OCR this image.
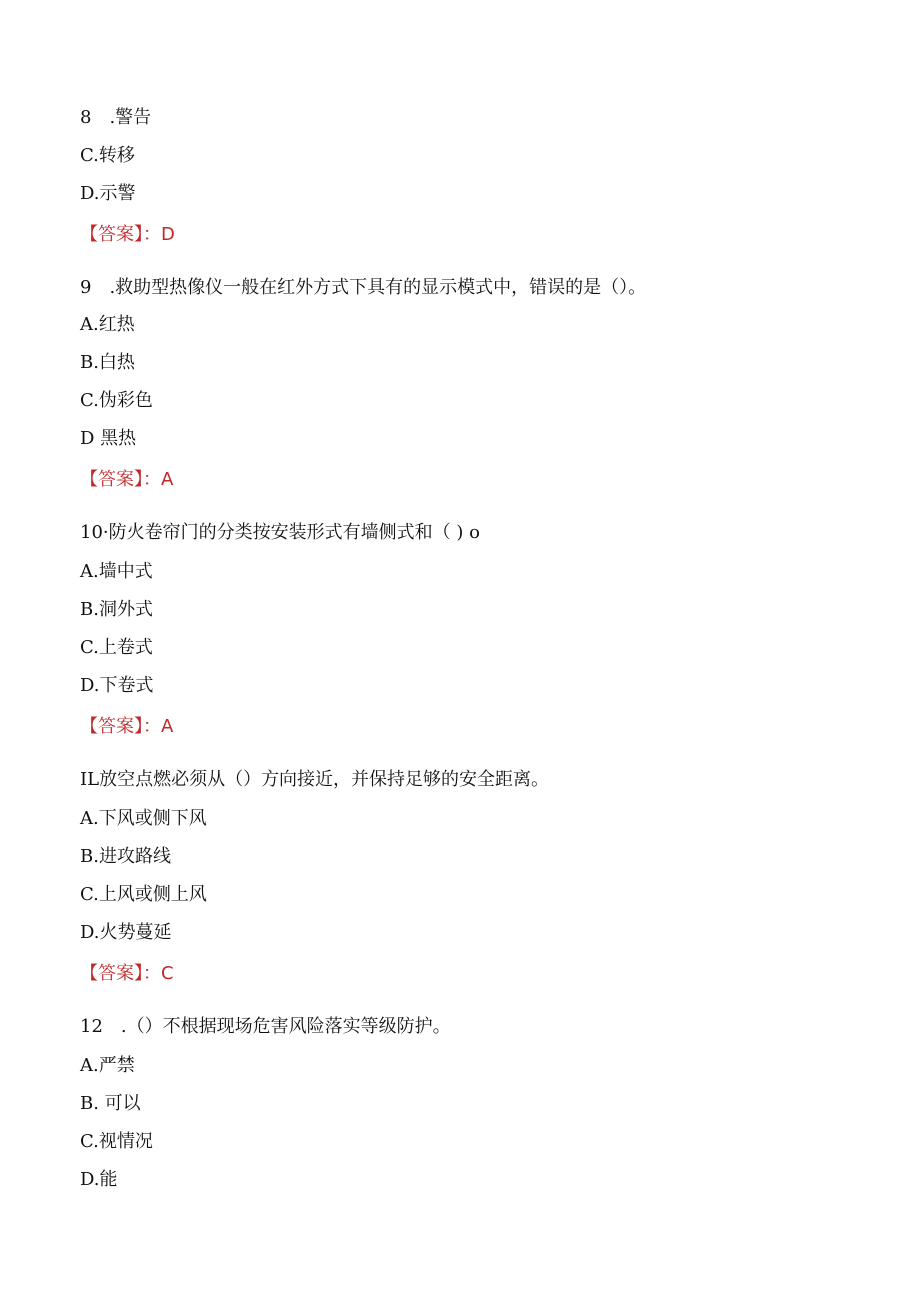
8　.警告
C.转移
D.示警
【答案】：D
9　.救助型热像仪一般在红外方式下具有的显示模式中，错误的是（）。
A.红热
B.白热
C.伪彩色
D 黑热
【答案】：A
10·防火卷帘门的分类按安装形式有墙侧式和（ ) o
A.墙中式
B.洞外式
C.上卷式
D.下卷式
【答案】：A
IL放空点燃必须从（）方向接近，并保持足够的安全距离。
A.下风或侧下风
B.进攻路线
C.上风或侧上风
D.火势蔓延
【答案】：C
12　.（）不根据现场危害风险落实等级防护。
A.严禁
B. 可以
C.视情况
D.能
